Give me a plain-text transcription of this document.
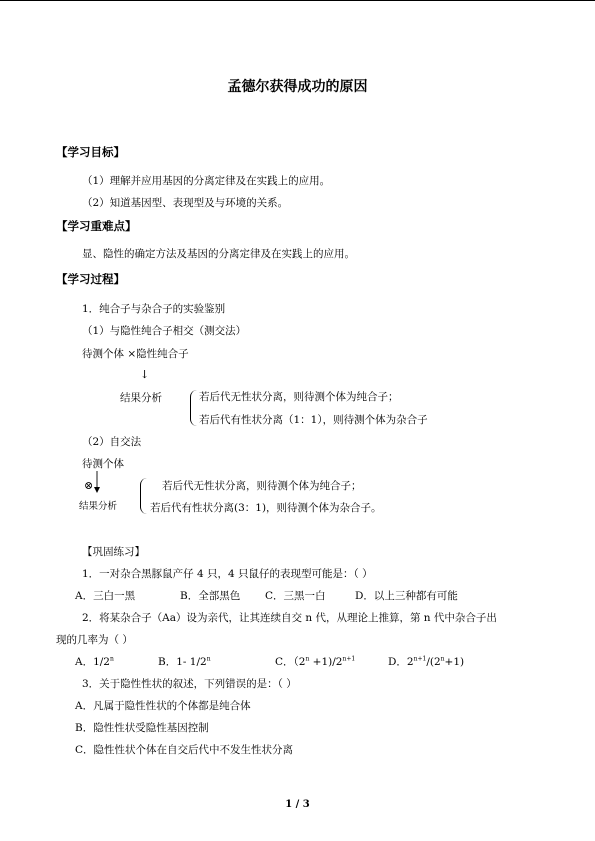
孟德尔获得成功的原因
【学习目标】
（1）理解并应用基因的分离定律及在实践上的应用。
（2）知道基因型、表现型及与环境的关系。
【学习重难点】
显、隐性的确定方法及基因的分离定律及在实践上的应用。
【学习过程】
1．纯合子与杂合子的实验鉴别
（1）与隐性纯合子相交（测交法）
待测个体 ×隐性纯合子
↓
结果分析	若后代无性状分离，则待测个体为纯合子；
若后代有性状分离（1：1），则待测个体为杂合子
（2）自交法
待测个体
⊗
结果分析
若后代无性状分离，则待测个体为纯合子；
若后代有性状分离(3：1)，则待测个体为杂合子。
【巩固练习】
1．一对杂合黑豚鼠产仔 4 只，4 只鼠仔的表现型可能是：（ ）
A．三白一黑	B．全部黑色 C．三黑一白	D．以上三种都有可能
2．将某杂合子（Aa）设为亲代，让其连续自交 n 代，从理论上推算，第 n 代中杂合子出
现的几率为（ ）
A．1/2$^n$	B．1- 1/2$^n$	C．$(2^n +1)/2^{n+1}$	D．$2^{n+1}/(2^n+1)$
3．关于隐性性状的叙述，下列错误的是：（ ）
A．凡属于隐性性状的个体都是纯合体
B．隐性性状受隐性基因控制
C．隐性性状个体在自交后代中不发生性状分离
1 / 3
